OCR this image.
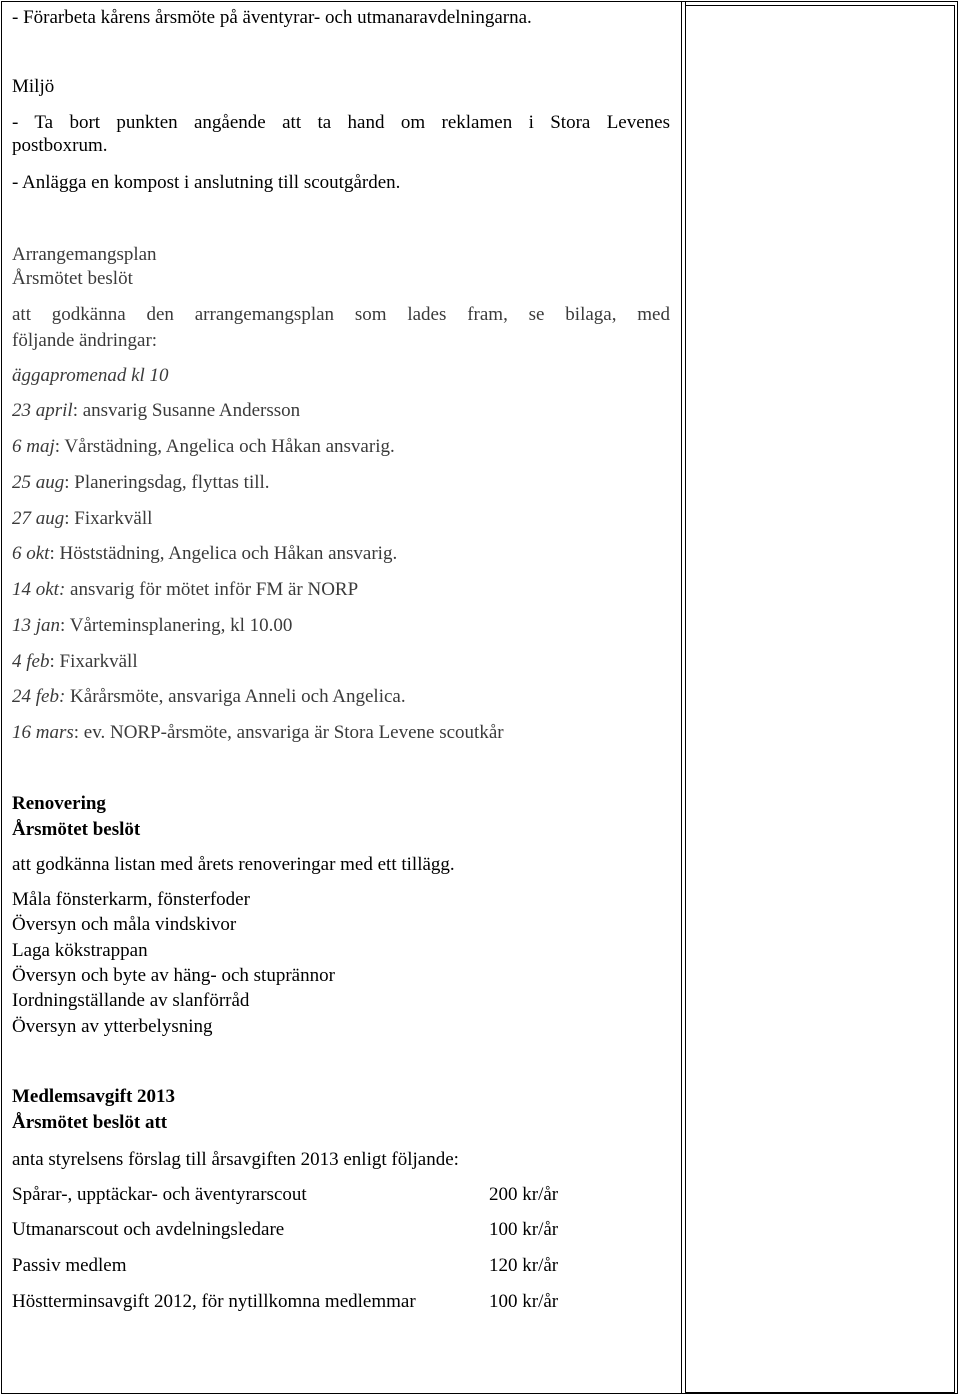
- Förarbeta kårens årsmöte på äventyrar- och utmanaravdelningarna.
Miljö
- Ta bort punkten angående att ta hand om reklamen i Stora Levenes
postboxrum.
- Anlägga en kompost i anslutning till scoutgården.
Arrangemangsplan
Årsmötet beslöt
att godkänna den arrangemangsplan som lades fram, se bilaga, med
följande ändringar:
äggapromenad kl 10
23 april: ansvarig Susanne Andersson
6 maj: Vårstädning, Angelica och Håkan ansvarig.
25 aug: Planeringsdag, flyttas till.
27 aug: Fixarkväll
6 okt: Höststädning, Angelica och Håkan ansvarig.
14 okt: ansvarig för mötet inför FM är NORP
13 jan: Vårteminsplanering, kl 10.00
4 feb: Fixarkväll
24 feb: Kårårsmöte, ansvariga Anneli och Angelica.
16 mars: ev. NORP-årsmöte, ansvariga är Stora Levene scoutkår
Renovering
Årsmötet beslöt
att godkänna listan med årets renoveringar med ett tillägg.
Måla fönsterkarm, fönsterfoder
Översyn och måla vindskivor
Laga kökstrappan
Översyn och byte av häng- och stuprännor
Iordningställande av slanförråd
Översyn av ytterbelysning
Medlemsavgift 2013
Årsmötet beslöt att
anta styrelsens förslag till årsavgiften 2013 enligt följande:
Spårar-, upptäckar- och äventyrarscout	200 kr/år
Utmanarscout och avdelningsledare	100 kr/år
Passiv medlem	120 kr/år
Höstterminsavgift 2012, för nytillkomna medlemmar	100 kr/år
